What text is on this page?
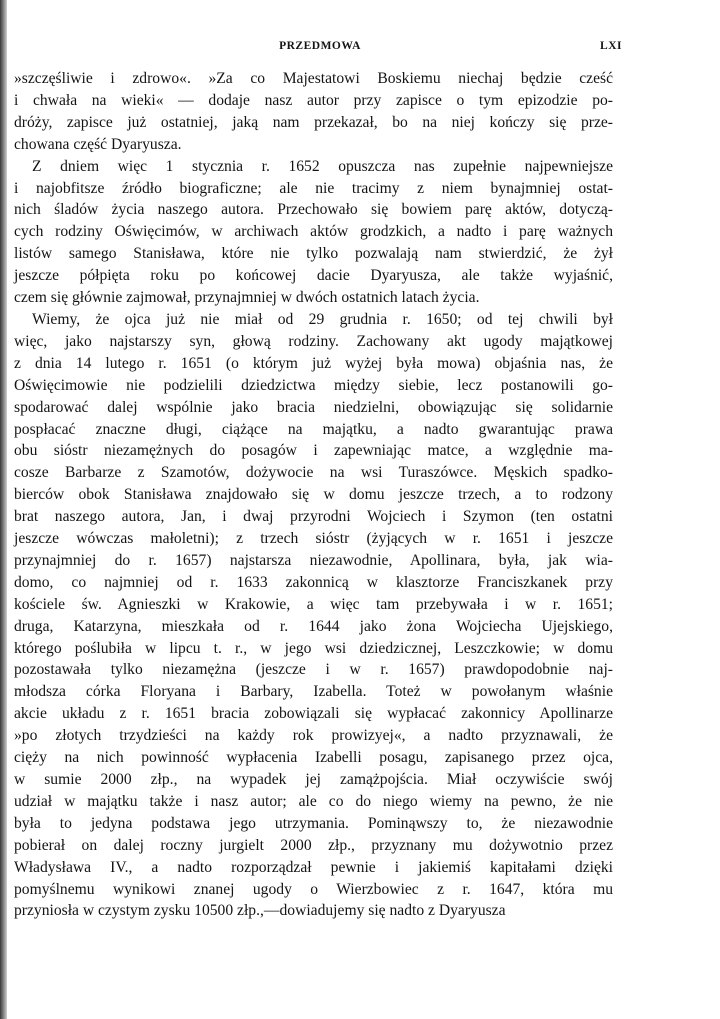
PRZEDMOWA	LXI
»szczęśliwie i zdrowo«. »Za co Majestatowi Boskiemu niechaj będzie cześć
i chwała na wieki« — dodaje nasz autor przy zapisce o tym epizodzie po-
dróży, zapisce już ostatniej, jaką nam przekazał, bo na niej kończy się prze-
chowana część Dyaryusza.
Z dniem więc 1 stycznia r. 1652 opuszcza nas zupełnie najpewniejsze
i najobfitsze źródło biograficzne; ale nie tracimy z niem bynajmniej ostat-
nich śladów życia naszego autora. Przechowało się bowiem parę aktów, dotyczą-
cych rodziny Oświęcimów, w archiwach aktów grodzkich, a nadto i parę ważnych
listów samego Stanisława, które nie tylko pozwalają nam stwierdzić, że żył
jeszcze półpięta roku po końcowej dacie Dyaryusza, ale także wyjaśnić,
czem się głównie zajmował, przynajmniej w dwóch ostatnich latach życia.
Wiemy, że ojca już nie miał od 29 grudnia r. 1650; od tej chwili był
więc, jako najstarszy syn, głową rodziny. Zachowany akt ugody majątkowej
z dnia 14 lutego r. 1651 (o którym już wyżej była mowa) objaśnia nas, że
Oświęcimowie nie podzielili dziedzictwa między siebie, lecz postanowili go-
spodarować dalej wspólnie jako bracia niedzielni, obowiązując się solidarnie
pospłacać znaczne długi, ciążące na majątku, a nadto gwarantując prawa
obu sióstr niezamężnych do posagów i zapewniając matce, a względnie ma-
cosze Barbarze z Szamotów, dożywocie na wsi Turaszówce. Męskich spadko-
bierców obok Stanisława znajdowało się w domu jeszcze trzech, a to rodzony
brat naszego autora, Jan, i dwaj przyrodni Wojciech i Szymon (ten ostatni
jeszcze wówczas małoletni); z trzech sióstr (żyjących w r. 1651 i jeszcze
przynajmniej do r. 1657) najstarsza niezawodnie, Apollinara, była, jak wia-
domo, co najmniej od r. 1633 zakonnicą w klasztorze Franciszkanek przy
kościele św. Agnieszki w Krakowie, a więc tam przebywała i w r. 1651;
druga, Katarzyna, mieszkała od r. 1644 jako żona Wojciecha Ujejskiego,
którego poślubiła w lipcu t. r., w jego wsi dziedzicznej, Leszczkowie; w domu
pozostawała tylko niezamężna (jeszcze i w r. 1657) prawdopodobnie naj-
młodsza córka Floryana i Barbary, Izabella. Toteż w powołanym właśnie
akcie układu z r. 1651 bracia zobowiązali się wypłacać zakonnicy Apollinarze
»po złotych trzydzieści na każdy rok prowizyej«, a nadto przyznawali, że
cięży na nich powinność wypłacenia Izabelli posagu, zapisanego przez ojca,
w sumie 2000 złp., na wypadek jej zamążpojścia. Miał oczywiście swój
udział w majątku także i nasz autor; ale co do niego wiemy na pewno, że nie
była to jedyna podstawa jego utrzymania. Pominąwszy to, że niezawodnie
pobierał on dalej roczny jurgielt 2000 złp., przyznany mu dożywotnio przez
Władysława IV., a nadto rozporządzał pewnie i jakiemiś kapitałami dzięki
pomyślnemu wynikowi znanej ugody o Wierzbowiec z r. 1647, która mu
przyniosła w czystym zysku 10500 złp.,—dowiadujemy się nadto z Dyaryusza
